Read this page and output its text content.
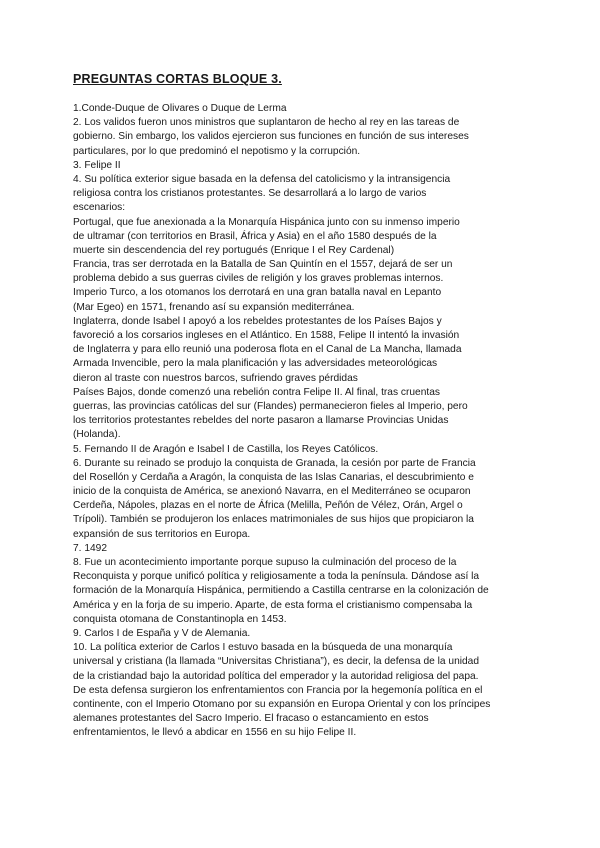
PREGUNTAS CORTAS BLOQUE 3.
1.Conde-Duque de Olivares o Duque de Lerma
2. Los validos fueron unos ministros que suplantaron de hecho al rey en las tareas de
gobierno. Sin embargo, los validos ejercieron sus funciones en función de sus intereses
particulares, por lo que predominó el nepotismo y la corrupción.
3. Felipe II
4. Su política exterior sigue basada en la defensa del catolicismo y la intransigencia
religiosa contra los cristianos protestantes. Se desarrollará a lo largo de varios
escenarios:
Portugal, que fue anexionada a la Monarquía Hispánica junto con su inmenso imperio
de ultramar (con territorios en Brasil, África y Asia) en el año 1580 después de la
muerte sin descendencia del rey portugués (Enrique I el Rey Cardenal)
Francia, tras ser derrotada en la Batalla de San Quintín en el 1557, dejará de ser un
problema debido a sus guerras civiles de religión y los graves problemas internos.
Imperio Turco, a los otomanos los derrotará en una gran batalla naval en Lepanto
(Mar Egeo) en 1571, frenando así su expansión mediterránea.
Inglaterra, donde Isabel I apoyó a los rebeldes protestantes de los Países Bajos y
favoreció a los corsarios ingleses en el Atlántico. En 1588, Felipe II intentó la invasión
de Inglaterra y para ello reunió una poderosa flota en el Canal de La Mancha, llamada
Armada Invencible, pero la mala planificación y las adversidades meteorológicas
dieron al traste con nuestros barcos, sufriendo graves pérdidas
Países Bajos, donde comenzó una rebelión contra Felipe II. Al final, tras cruentas
guerras, las provincias católicas del sur (Flandes) permanecieron fieles al Imperio, pero
los territorios protestantes rebeldes del norte pasaron a llamarse Provincias Unidas
(Holanda).
5. Fernando II de Aragón e Isabel I de Castilla, los Reyes Católicos.
6. Durante su reinado se produjo la conquista de Granada, la cesión por parte de Francia
del Rosellón y Cerdaña a Aragón, la conquista de las Islas Canarias, el descubrimiento e
inicio de la conquista de América, se anexionó Navarra, en el Mediterráneo se ocuparon
Cerdeña, Nápoles, plazas en el norte de África (Melilla, Peñón de Vélez, Orán, Argel o
Trípoli). También se produjeron los enlaces matrimoniales de sus hijos que propiciaron la
expansión de sus territorios en Europa.
7. 1492
8. Fue un acontecimiento importante porque supuso la culminación del proceso de la
Reconquista y porque unificó política y religiosamente a toda la península. Dándose así la
formación de la Monarquía Hispánica, permitiendo a Castilla centrarse en la colonización de
América y en la forja de su imperio. Aparte, de esta forma el cristianismo compensaba la
conquista otomana de Constantinopla en 1453.
9. Carlos I de España y V de Alemania.
10. La política exterior de Carlos I estuvo basada en la búsqueda de una monarquía
universal y cristiana (la llamada “Universitas Christiana”), es decir, la defensa de la unidad
de la cristiandad bajo la autoridad política del emperador y la autoridad religiosa del papa.
De esta defensa surgieron los enfrentamientos con Francia por la hegemonía política en el
continente, con el Imperio Otomano por su expansión en Europa Oriental y con los príncipes
alemanes protestantes del Sacro Imperio. El fracaso o estancamiento en estos
enfrentamientos, le llevó a abdicar en 1556 en su hijo Felipe II.
